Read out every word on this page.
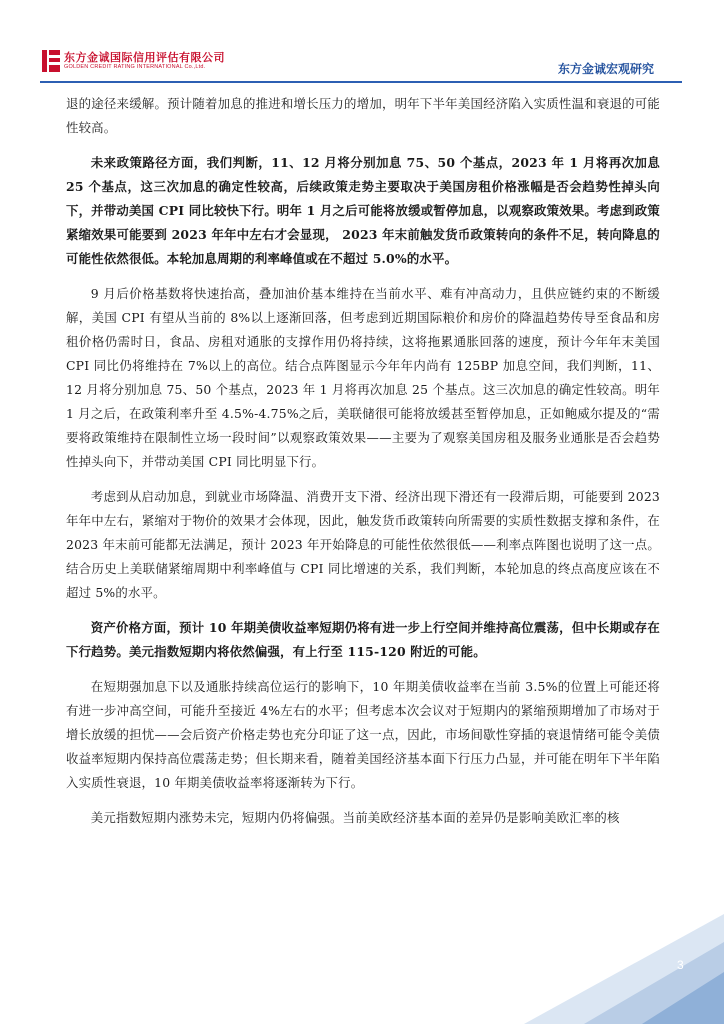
东方金诚国际信用评估有限公司
GOLDEN CREDIT RATING INTERNATIONAL Co.,Ltd.	东方金诚宏观研究

退的途径来缓解。预计随着加息的推进和增长压力的增加，明年下半年美国经济陷入实质性温和衰退的可能性较高。

未来政策路径方面，我们判断，11、12 月将分别加息 75、50 个基点，2023 年 1 月将再次加息 25 个基点，这三次加息的确定性较高，后续政策走势主要取决于美国房租价格涨幅是否会趋势性掉头向下，并带动美国 CPI 同比较快下行。明年 1 月之后可能将放缓或暂停加息，以观察政策效果。考虑到政策紧缩效果可能要到 2023 年年中左右才会显现， 2023 年末前触发货币政策转向的条件不足，转向降息的可能性依然很低。本轮加息周期的利率峰值或在不超过 5.0%的水平。

9 月后价格基数将快速抬高，叠加油价基本维持在当前水平、难有冲高动力，且供应链约束的不断缓解，美国 CPI 有望从当前的 8%以上逐渐回落，但考虑到近期国际粮价和房价的降温趋势传导至食品和房租价格仍需时日，食品、房租对通胀的支撑作用仍将持续，这将拖累通胀回落的速度，预计今年年末美国 CPI 同比仍将维持在 7%以上的高位。结合点阵图显示今年年内尚有 125BP 加息空间，我们判断，11、12 月将分别加息 75、50 个基点，2023 年 1 月将再次加息 25 个基点。这三次加息的确定性较高。明年 1 月之后，在政策利率升至 4.5%-4.75%之后，美联储很可能将放缓甚至暂停加息，正如鲍威尔提及的“需要将政策维持在限制性立场一段时间”以观察政策效果——主要为了观察美国房租及服务业通胀是否会趋势性掉头向下，并带动美国 CPI 同比明显下行。

考虑到从启动加息，到就业市场降温、消费开支下滑、经济出现下滑还有一段滞后期，可能要到 2023 年年中左右，紧缩对于物价的效果才会体现，因此，触发货币政策转向所需要的实质性数据支撑和条件，在 2023 年末前可能都无法满足，预计 2023 年开始降息的可能性依然很低——利率点阵图也说明了这一点。结合历史上美联储紧缩周期中利率峰值与 CPI 同比增速的关系，我们判断，本轮加息的终点高度应该在不超过 5%的水平。

资产价格方面，预计 10 年期美债收益率短期仍将有进一步上行空间并维持高位震荡，但中长期或存在下行趋势。美元指数短期内将依然偏强，有上行至 115-120 附近的可能。

在短期强加息下以及通胀持续高位运行的影响下，10 年期美债收益率在当前 3.5%的位置上可能还将有进一步冲高空间，可能升至接近 4%左右的水平；但考虑本次会议对于短期内的紧缩预期增加了市场对于增长放缓的担忧——会后资产价格走势也充分印证了这一点，因此，市场间歇性穿插的衰退情绪可能令美债收益率短期内保持高位震荡走势；但长期来看，随着美国经济基本面下行压力凸显，并可能在明年下半年陷入实质性衰退，10 年期美债收益率将逐渐转为下行。

美元指数短期内涨势未完，短期内仍将偏强。当前美欧经济基本面的差异仍是影响美欧汇率的核

3
